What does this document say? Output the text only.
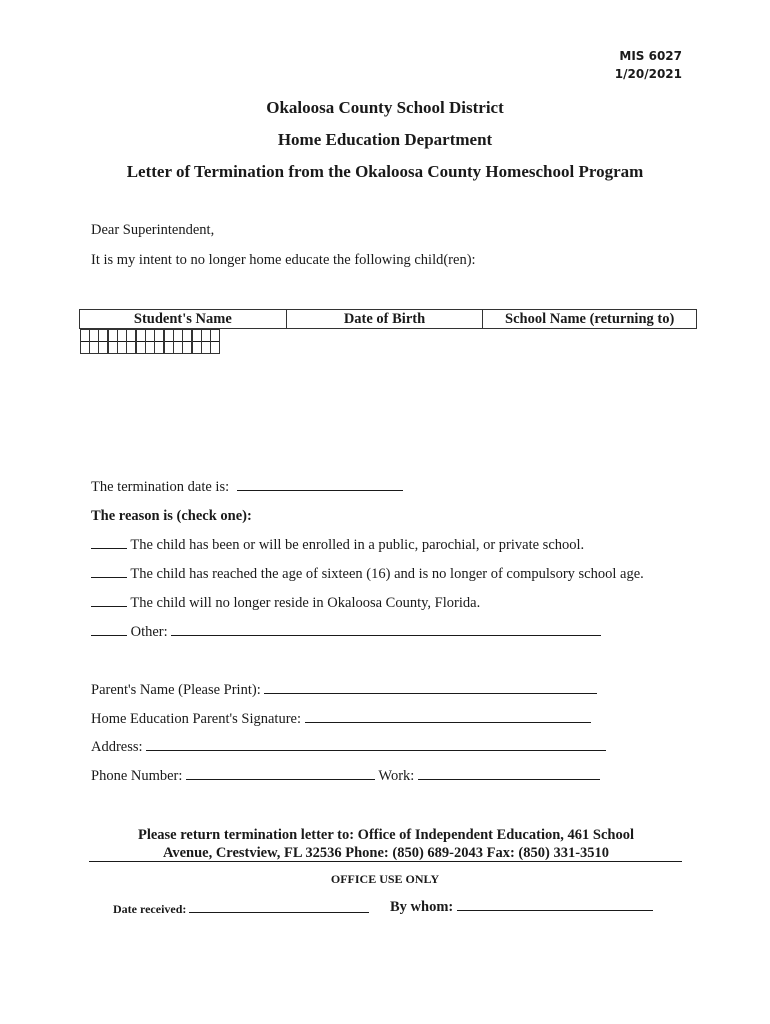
MIS 6027
1/20/2021
Okaloosa County School District
Home Education Department
Letter of Termination from the Okaloosa County Homeschool Program
Dear Superintendent,
It is my intent to no longer home educate the following child(ren):
Student's Name	Date of Birth	School Name (returning to)

The termination date is:
The reason is (check one):
The child has been or will be enrolled in a public, parochial, or private school.
The child has reached the age of sixteen (16) and is no longer of compulsory school age.
The child will no longer reside in Okaloosa County, Florida.
Other:
Parent's Name (Please Print):
Home Education Parent's Signature:
Address:
Phone Number:	Work:
Please return termination letter to: Office of Independent Education, 461 School
Avenue, Crestview, FL 32536 Phone: (850) 689-2043 Fax: (850) 331-3510
OFFICE USE ONLY
Date received:	By whom:
